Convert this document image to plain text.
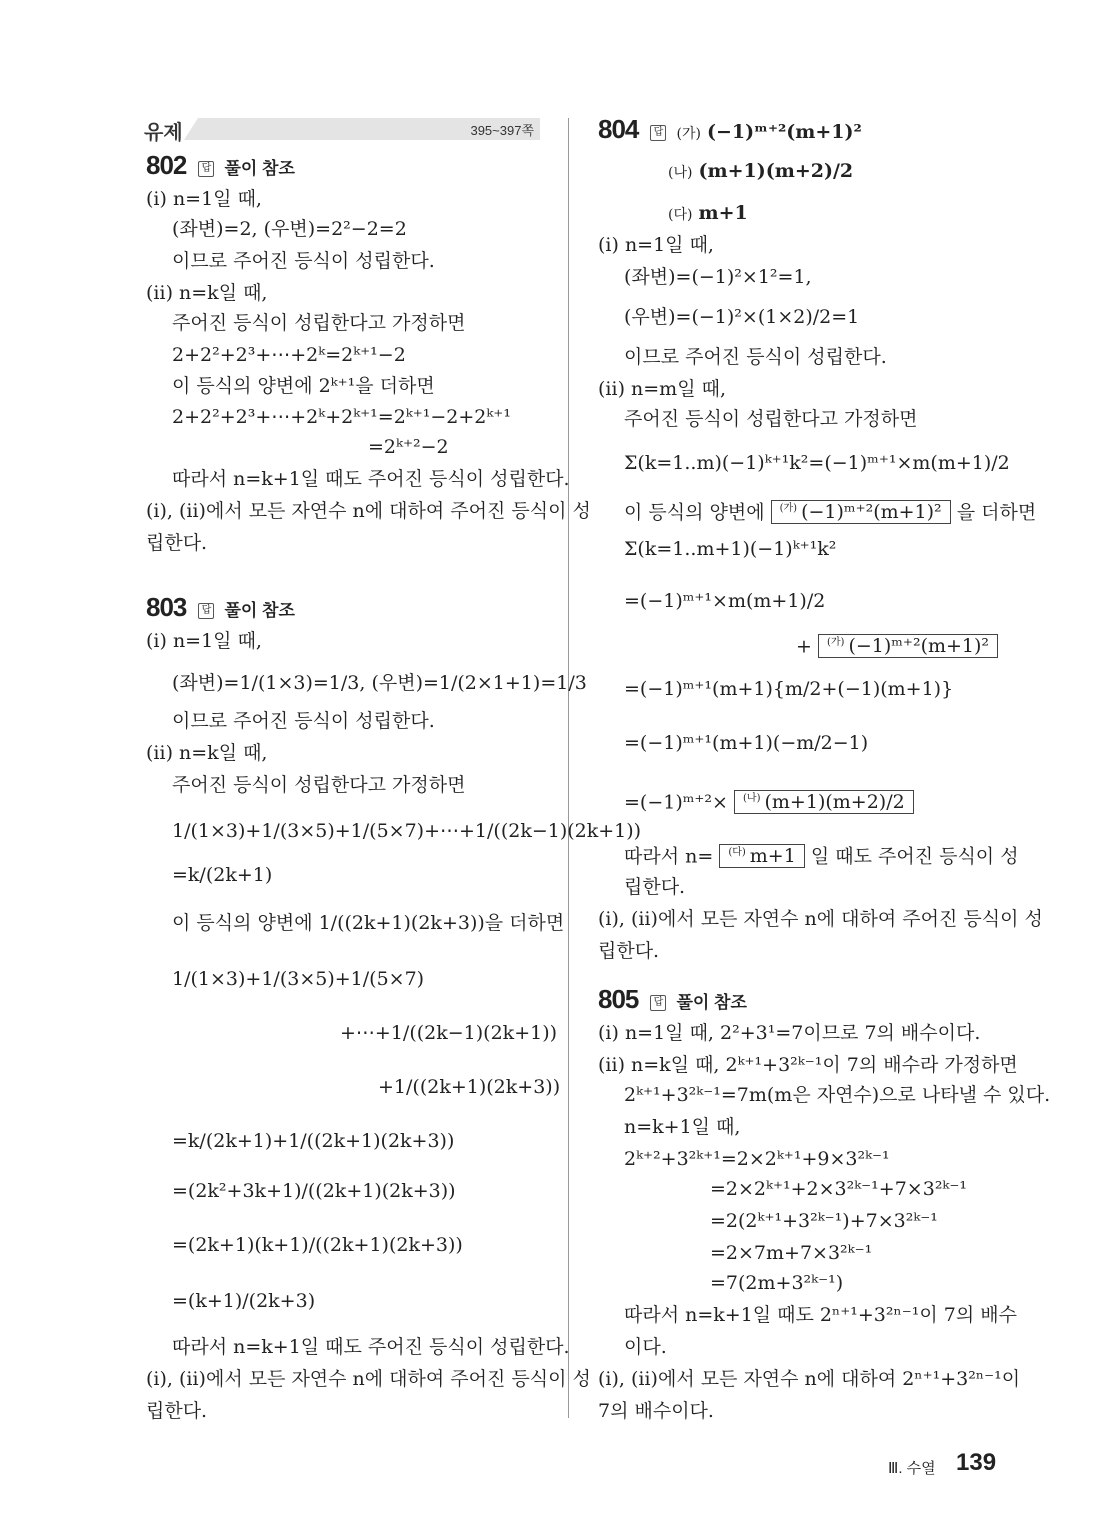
유제	395~397쪽
802 답 풀이 참조
(ⅰ) n=1일 때,
(좌변)=2, (우변)=2²−2=2
이므로 주어진 등식이 성립한다.
(ⅱ) n=k일 때,
주어진 등식이 성립한다고 가정하면
2+2²+2³+⋯+2ᵏ=2ᵏ⁺¹−2
이 등식의 양변에 2ᵏ⁺¹을 더하면
2+2²+2³+⋯+2ᵏ+2ᵏ⁺¹=2ᵏ⁺¹−2+2ᵏ⁺¹
=2ᵏ⁺²−2
따라서 n=k+1일 때도 주어진 등식이 성립한다.
(ⅰ), (ⅱ)에서 모든 자연수 n에 대하여 주어진 등식이 성
립한다.
803 답 풀이 참조
(ⅰ) n=1일 때,
(좌변)=1/(1×3)=1/3, (우변)=1/(2×1+1)=1/3
이므로 주어진 등식이 성립한다.
(ⅱ) n=k일 때,
주어진 등식이 성립한다고 가정하면
1/(1×3)+1/(3×5)+1/(5×7)+⋯+1/((2k−1)(2k+1))
=k/(2k+1)
이 등식의 양변에 1/((2k+1)(2k+3))을 더하면
1/(1×3)+1/(3×5)+1/(5×7)
+⋯+1/((2k−1)(2k+1))
+1/((2k+1)(2k+3))
=k/(2k+1)+1/((2k+1)(2k+3))
=(2k²+3k+1)/((2k+1)(2k+3))
=(2k+1)(k+1)/((2k+1)(2k+3))
=(k+1)/(2k+3)
따라서 n=k+1일 때도 주어진 등식이 성립한다.
(ⅰ), (ⅱ)에서 모든 자연수 n에 대하여 주어진 등식이 성
립한다.
804 답 (가) (−1)ᵐ⁺²(m+1)²
(나) (m+1)(m+2)/2
(다) m+1
(ⅰ) n=1일 때,
(좌변)=(−1)²×1²=1,
(우변)=(−1)²×(1×2)/2=1
이므로 주어진 등식이 성립한다.
(ⅱ) n=m일 때,
주어진 등식이 성립한다고 가정하면
Σ(k=1..m)(−1)ᵏ⁺¹k²=(−1)ᵐ⁺¹×m(m+1)/2
이 등식의 양변에 $^{(가)}$ (−1)ᵐ⁺²(m+1)² 을 더하면
Σ(k=1..m+1)(−1)ᵏ⁺¹k²
=(−1)ᵐ⁺¹×m(m+1)/2
+ $^{(가)}$ (−1)ᵐ⁺²(m+1)²
=(−1)ᵐ⁺¹(m+1){m/2+(−1)(m+1)}
=(−1)ᵐ⁺¹(m+1)(−m/2−1)
=(−1)ᵐ⁺²× $^{(나)}$ (m+1)(m+2)/2
따라서 n= $^{(다)}$ m+1 일 때도 주어진 등식이 성
립한다.
(ⅰ), (ⅱ)에서 모든 자연수 n에 대하여 주어진 등식이 성
립한다.
805 답 풀이 참조
(ⅰ) n=1일 때, 2²+3¹=7이므로 7의 배수이다.
(ⅱ) n=k일 때, 2ᵏ⁺¹+3²ᵏ⁻¹이 7의 배수라 가정하면
2ᵏ⁺¹+3²ᵏ⁻¹=7m(m은 자연수)으로 나타낼 수 있다.
n=k+1일 때,
2ᵏ⁺²+3²ᵏ⁺¹=2×2ᵏ⁺¹+9×3²ᵏ⁻¹
=2×2ᵏ⁺¹+2×3²ᵏ⁻¹+7×3²ᵏ⁻¹
=2(2ᵏ⁺¹+3²ᵏ⁻¹)+7×3²ᵏ⁻¹
=2×7m+7×3²ᵏ⁻¹
=7(2m+3²ᵏ⁻¹)
따라서 n=k+1일 때도 2ⁿ⁺¹+3²ⁿ⁻¹이 7의 배수
이다.
(ⅰ), (ⅱ)에서 모든 자연수 n에 대하여 2ⁿ⁺¹+3²ⁿ⁻¹이
7의 배수이다.
Ⅲ. 수열 139
